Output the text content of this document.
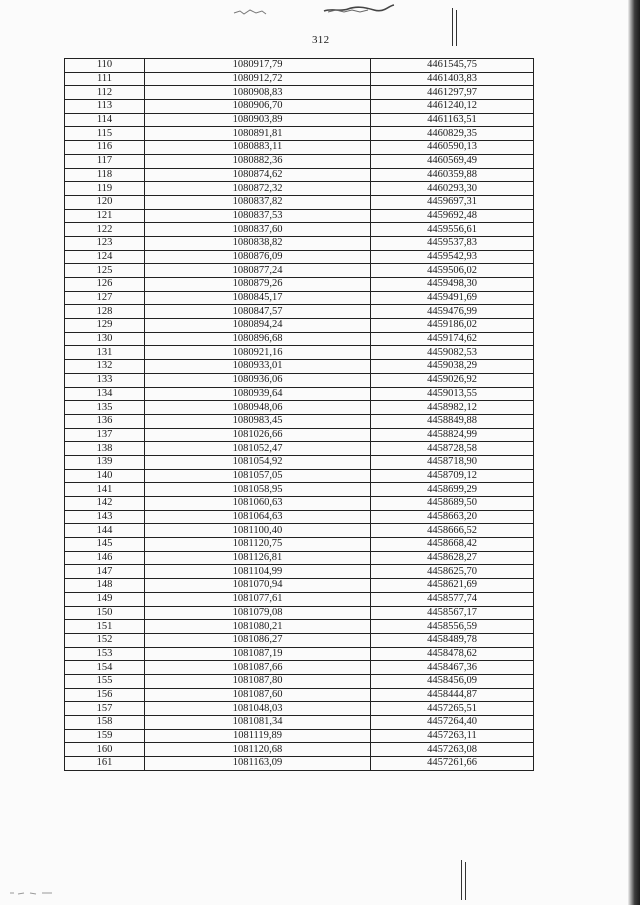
312
110	1080917,79	4461545,75
111	1080912,72	4461403,83
112	1080908,83	4461297,97
113	1080906,70	4461240,12
114	1080903,89	4461163,51
115	1080891,81	4460829,35
116	1080883,11	4460590,13
117	1080882,36	4460569,49
118	1080874,62	4460359,88
119	1080872,32	4460293,30
120	1080837,82	4459697,31
121	1080837,53	4459692,48
122	1080837,60	4459556,61
123	1080838,82	4459537,83
124	1080876,09	4459542,93
125	1080877,24	4459506,02
126	1080879,26	4459498,30
127	1080845,17	4459491,69
128	1080847,57	4459476,99
129	1080894,24	4459186,02
130	1080896,68	4459174,62
131	1080921,16	4459082,53
132	1080933,01	4459038,29
133	1080936,06	4459026,92
134	1080939,64	4459013,55
135	1080948,06	4458982,12
136	1080983,45	4458849,88
137	1081026,66	4458824,99
138	1081052,47	4458728,58
139	1081054,92	4458718,90
140	1081057,05	4458709,12
141	1081058,95	4458699,29
142	1081060,63	4458689,50
143	1081064,63	4458663,20
144	1081100,40	4458666,52
145	1081120,75	4458668,42
146	1081126,81	4458628,27
147	1081104,99	4458625,70
148	1081070,94	4458621,69
149	1081077,61	4458577,74
150	1081079,08	4458567,17
151	1081080,21	4458556,59
152	1081086,27	4458489,78
153	1081087,19	4458478,62
154	1081087,66	4458467,36
155	1081087,80	4458456,09
156	1081087,60	4458444,87
157	1081048,03	4457265,51
158	1081081,34	4457264,40
159	1081119,89	4457263,11
160	1081120,68	4457263,08
161	1081163,09	4457261,66
